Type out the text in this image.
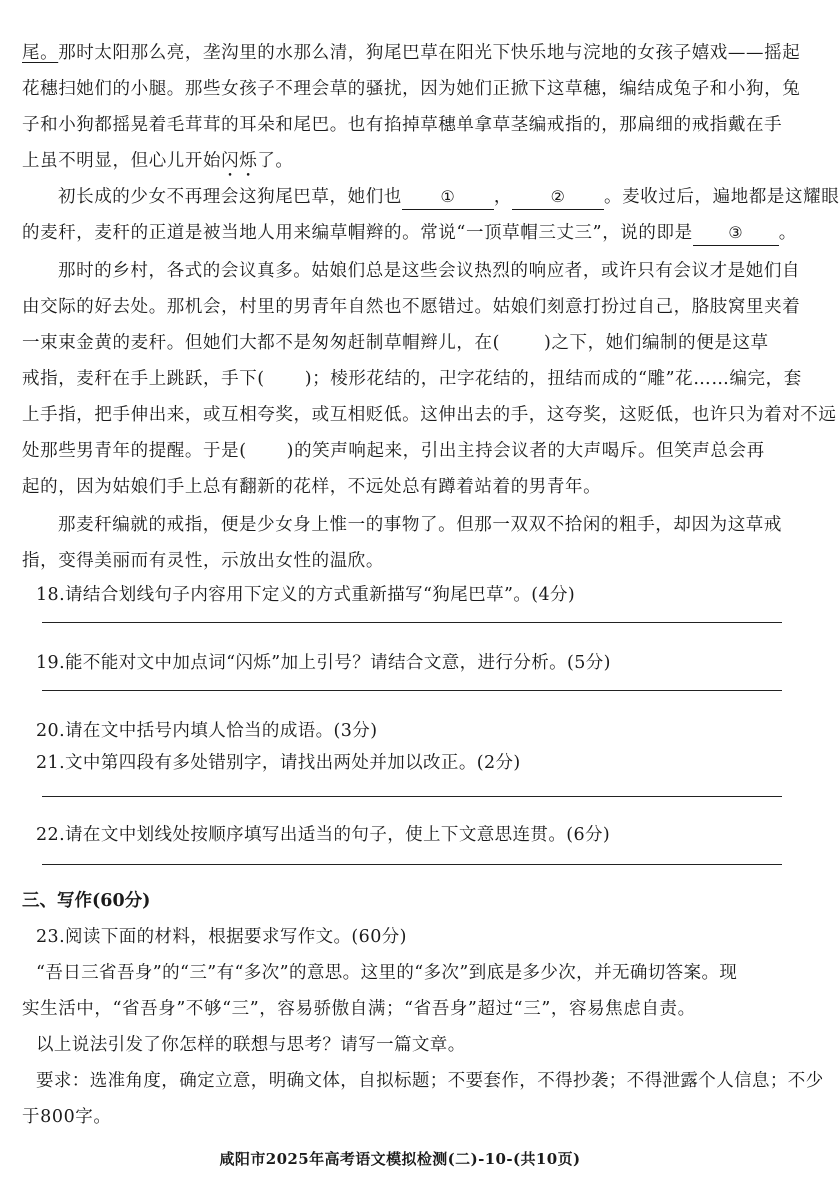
尾。那时太阳那么亮，垄沟里的水那么清，狗尾巴草在阳光下快乐地与浣地的女孩子嬉戏——摇起
花穗扫她们的小腿。那些女孩子不理会草的骚扰，因为她们正掀下这草穗，编结成兔子和小狗，兔
子和小狗都摇晃着毛茸茸的耳朵和尾巴。也有掐掉草穗单拿草茎编戒指的，那扁细的戒指戴在手
上虽不明显，但心儿开始闪烁了。
初长成的少女不再理会这狗尾巴草，她们也 ① ， ② 。麦收过后，遍地都是这耀眼
的麦秆，麦秆的正道是被当地人用来编草帽辫的。常说“一顶草帽三丈三”，说的即是 ③ 。
那时的乡村，各式的会议真多。姑娘们总是这些会议热烈的响应者，或许只有会议才是她们自
由交际的好去处。那机会，村里的男青年自然也不愿错过。姑娘们刻意打扮过自己，胳肢窝里夹着
一束束金黄的麦秆。但她们大都不是匆匆赶制草帽辫儿，在(	)之下，她们编制的便是这草
戒指，麦秆在手上跳跃，手下( )；棱形花结的，卍字花结的，扭结而成的“雕”花……编完，套
上手指，把手伸出来，或互相夸奖，或互相贬低。这伸出去的手，这夸奖，这贬低，也许只为着对不远
处那些男青年的提醒。于是( )的笑声响起来，引出主持会议者的大声喝斥。但笑声总会再
起的，因为姑娘们手上总有翻新的花样，不远处总有蹲着站着的男青年。
那麦秆编就的戒指，便是少女身上惟一的事物了。但那一双双不拾闲的粗手，却因为这草戒
指，变得美丽而有灵性，示放出女性的温欣。
18.请结合划线句子内容用下定义的方式重新描写“狗尾巴草”。(4分)
19.能不能对文中加点词“闪烁”加上引号？请结合文意，进行分析。(5分)
20.请在文中括号内填人恰当的成语。(3分)
21.文中第四段有多处错别字，请找出两处并加以改正。(2分)
22.请在文中划线处按顺序填写出适当的句子，使上下文意思连贯。(6分)
三、写作(60分)
23.阅读下面的材料，根据要求写作文。(60分)
“吾日三省吾身”的“三”有“多次”的意思。这里的“多次”到底是多少次，并无确切答案。现
实生活中，“省吾身”不够“三”，容易骄傲自满；“省吾身”超过“三”，容易焦虑自责。
以上说法引发了你怎样的联想与思考？请写一篇文章。
要求：选准角度，确定立意，明确文体，自拟标题；不要套作，不得抄袭；不得泄露个人信息；不少
于800字。
咸阳市2025年高考语文模拟检测(二)-10-(共10页)
